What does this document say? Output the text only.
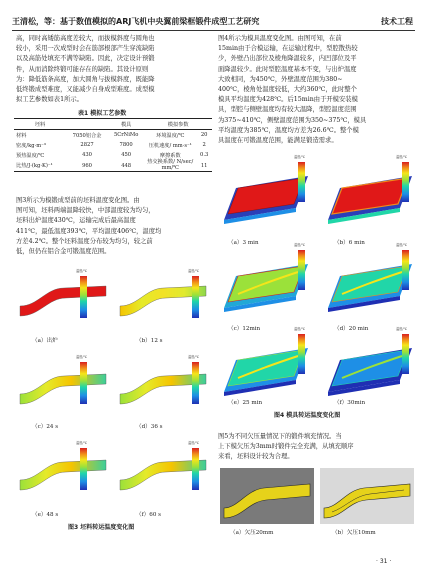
王清松，等：基于数值模拟的ARJ飞机中央翼前梁框锻件成型工艺研究	技术工程

高，同时高矮筋高度差较大，而拔模斜度与圆角也

较小，采用一次成型时会在筋部根部产生穿流缺陷

以及高筋处填充不满等缺陷。因此，决定设计预锻

件，从而消除终锻可能存在的缺陷。其设计原则

为：降低筋条高度，加大圆角与拔模斜度，既能降

低终锻成型难度，又能减少自身成型难度。成型模

拟工艺参数如表1所示。

表1 模拟工艺参数
坯料		模具	模拟参数	
材料	7050铝合金	5CrNiMo	环境温度/℃	20
密度/kg·m⁻³	2827	7800	压机速度/ mm·s⁻¹	2
预热温度/℃	430	450	摩擦系数	0.3
比热/J·(kg·K)⁻¹	960	448	热交换系数/ N/sec/ mm/℃	11

图3所示为模锻成型前的坯料温度变化图。由

图可知，坯料两端温降较快，中部温度较为均匀，

坯料出炉温度430℃，运输完成后最高温度

411℃，最低温度393℃，平均温度406℃，温度均

方差4.2℃。整个坯料温度分布较为均匀，较之前

低，但仍在铝合金可锻温度范围。

温度/℃
（a）出炉
温度/℃
（b）12 s
温度/℃
（c）24 s
温度/℃
（d）36 s
温度/℃
（e）48 s
温度/℃
（f）60 s
图3 坯料转运温度变化图

图4所示为模具温度变化图。由图可知，在前

15min由于合模运输，在运输过程中，型腔散热较

少，外壁凸出部位及棱角降温较多，内凹部位及平

面降温较少。此时型腔温度基本不变，与出炉温度

大致相同，为450℃，外壁温度范围为380~

400℃，棱角处温度较低，大约360℃，此时整个

模具平均温度为428℃。后15min由于开模安装模

具，型腔与侧壁温度均有较大温降，型腔温度范围

为375~410℃，侧壁温度范围为350~375℃，模具

平均温度为385℃，温度均方差为26.6℃。整个模

具温度在可锻温度范围，能满足锻造需求。

温度/℃
（a）3 min
温度/℃
（b）6 min
温度/℃
（c）12min
温度/℃
（d）20 min
温度/℃
（e）25 min
温度/℃
（f）30min
图4 模具转运温度变化图

图5为不同欠压量情况下的锻件填充情况。当

上下模欠压为3mm时锻件完全充满，从填充顺序

来看，坯料设计较为合理。

（a）欠压20mm	（b）欠压10mm
· 31 ·
